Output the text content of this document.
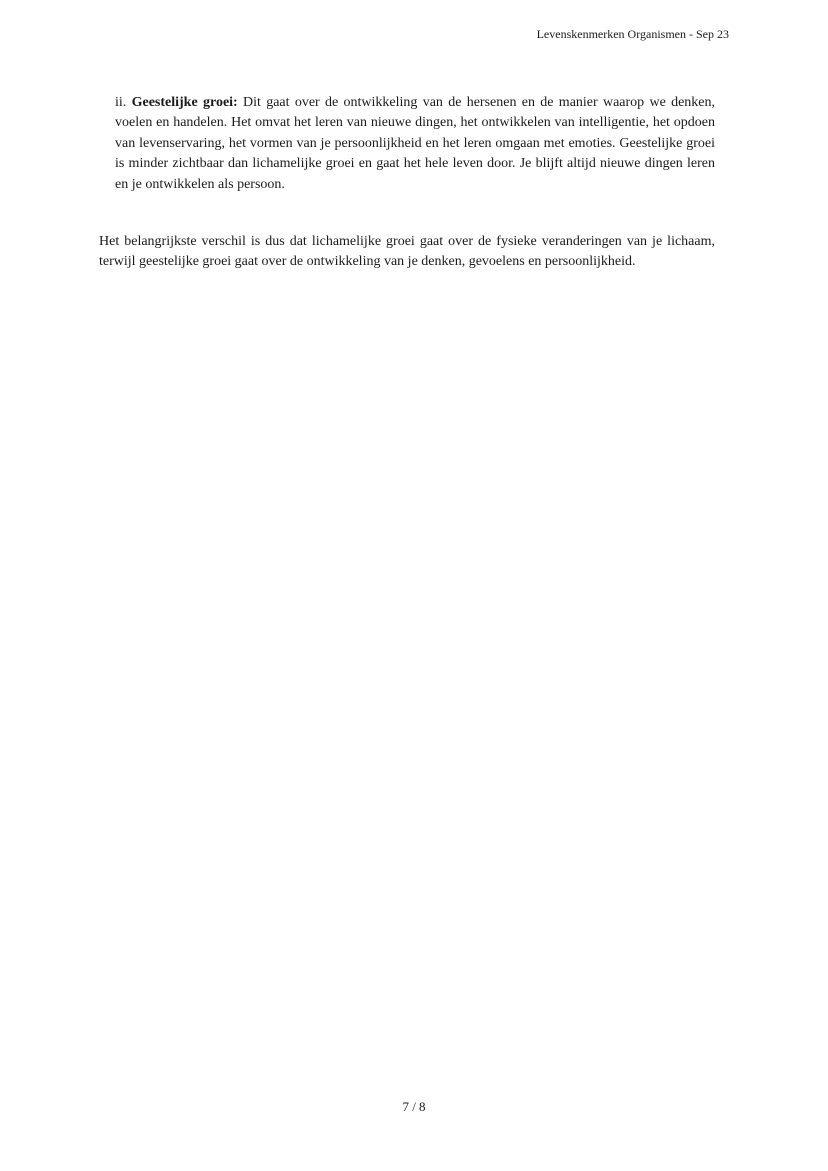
Levenskenmerken Organismen - Sep 23
ii. Geestelijke groei: Dit gaat over de ontwikkeling van de hersenen en de manier waarop we denken, voelen en handelen. Het omvat het leren van nieuwe dingen, het ontwikkelen van intelligentie, het opdoen van levenservaring, het vormen van je persoonlijkheid en het leren omgaan met emoties. Geestelijke groei is minder zichtbaar dan lichamelijke groei en gaat het hele leven door. Je blijft altijd nieuwe dingen leren en je ontwikkelen als persoon.
Het belangrijkste verschil is dus dat lichamelijke groei gaat over de fysieke veranderingen van je lichaam, terwijl geestelijke groei gaat over de ontwikkeling van je denken, gevoelens en persoonlijkheid.
7 / 8
